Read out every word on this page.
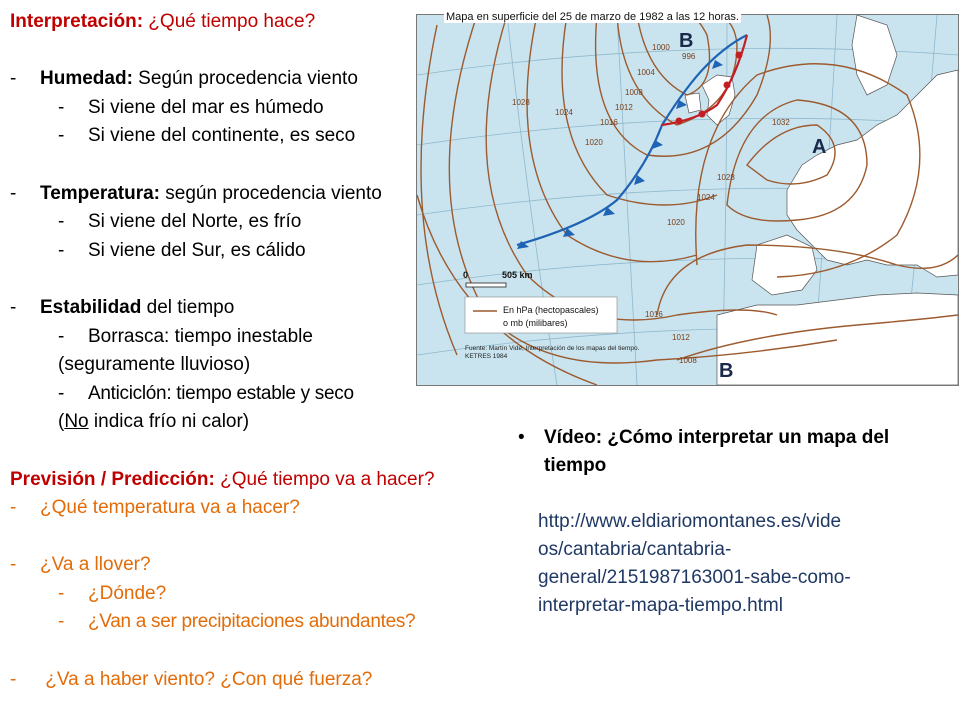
Interpretación: ¿Qué tiempo hace?
- Humedad: Según procedencia viento
- Si viene del mar es húmedo
- Si viene del continente, es seco
- Temperatura: según procedencia viento
- Si viene del Norte, es frío
- Si viene del Sur, es cálido
- Estabilidad del tiempo
- Borrasca: tiempo inestable
(seguramente lluvioso)
- Anticiclón: tiempo estable y seco
(No indica frío ni calor)
Previsión / Predicción: ¿Qué tiempo va a hacer?
- ¿Qué temperatura va a hacer?
- ¿Va a llover?
- ¿Dónde?
- ¿Van a ser precipitaciones abundantes?
- ¿Va a haber viento? ¿Con qué fuerza?
B
A
B
996
1000
1004
1008
1012
1016
1020
1024
1028
1032
1028
1024
1020
1016
1012
1008
0	505 km
En hPa (hectopascales)
o mb (milibares)
Fuente: Martín Vide, Interpretación de los mapas del tiempo. KETRES 1984
Mapa en superficie del 25 de marzo de 1982 a las 12 horas.
•	Vídeo: ¿Cómo interpretar un mapa del tiempo
http://www.eldiariomontanes.es/vide
os/cantabria/cantabria-
general/2151987163001-sabe-como-
interpretar-mapa-tiempo.html
